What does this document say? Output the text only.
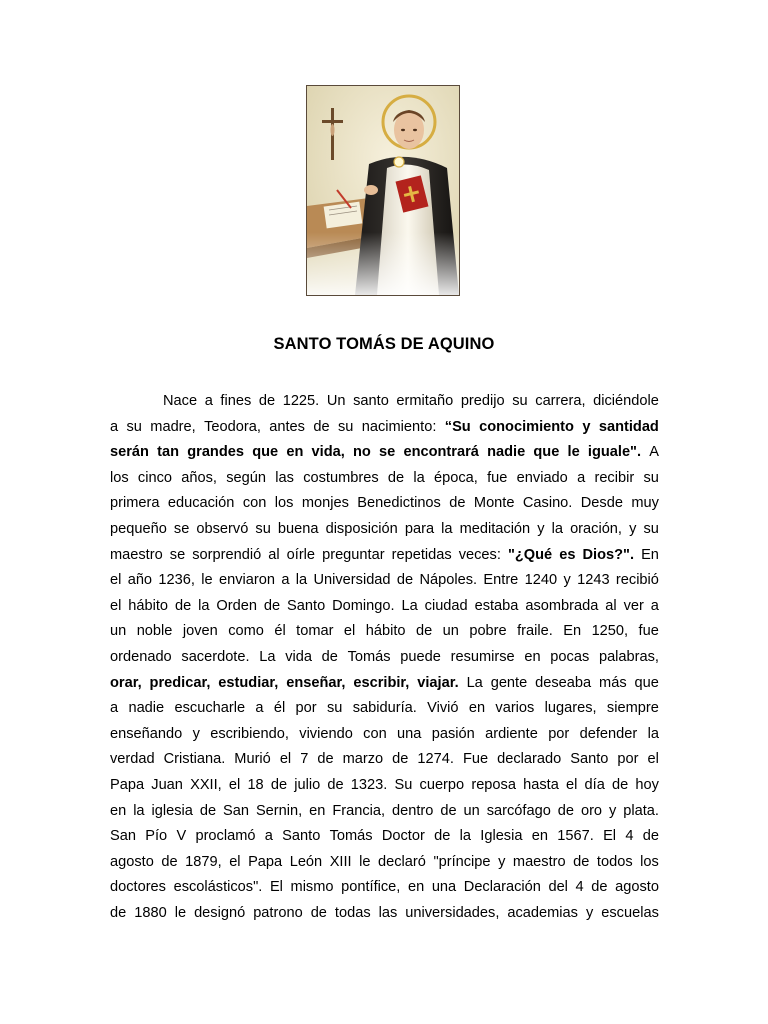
SANTO TOMÁS DE AQUINO
Nace a fines de 1225. Un santo ermitaño predijo su carrera, diciéndole
a su madre, Teodora, antes de su nacimiento: “Su conocimiento y santidad
serán tan grandes que en vida, no se encontrará nadie que le iguale". A
los cinco años, según las costumbres de la época, fue enviado a recibir su
primera educación con los monjes Benedictinos de Monte Casino. Desde muy
pequeño se observó su buena disposición para la meditación y la oración, y su
maestro se sorprendió al oírle preguntar repetidas veces: "¿Qué es Dios?". En
el año 1236, le enviaron a la Universidad de Nápoles. Entre 1240 y 1243 recibió
el hábito de la Orden de Santo Domingo. La ciudad estaba asombrada al ver a
un noble joven como él tomar el hábito de un pobre fraile. En 1250, fue
ordenado sacerdote. La vida de Tomás puede resumirse en pocas palabras,
orar, predicar, estudiar, enseñar, escribir, viajar. La gente deseaba más que
a nadie escucharle a él por su sabiduría. Vivió en varios lugares, siempre
enseñando y escribiendo, viviendo con una pasión ardiente por defender la
verdad Cristiana. Murió el 7 de marzo de 1274. Fue declarado Santo por el
Papa Juan XXII, el 18 de julio de 1323. Su cuerpo reposa hasta el día de hoy
en la iglesia de San Sernin, en Francia, dentro de un sarcófago de oro y plata.
San Pío V proclamó a Santo Tomás Doctor de la Iglesia en 1567. El 4 de
agosto de 1879, el Papa León XIII le declaró "príncipe y maestro de todos los
doctores escolásticos". El mismo pontífice, en una Declaración del 4 de agosto
de 1880 le designó patrono de todas las universidades, academias y escuelas
